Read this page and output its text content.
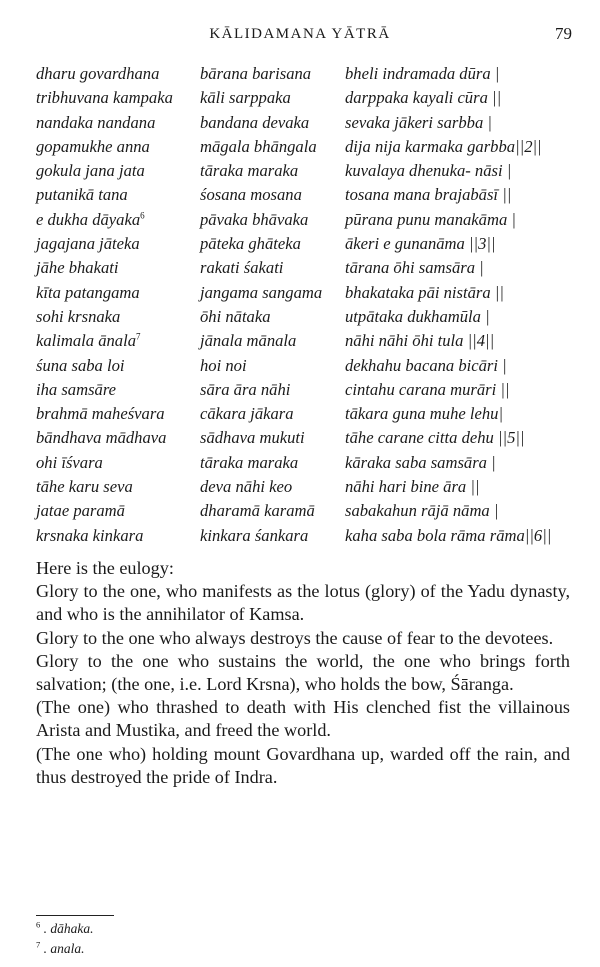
KĀLIDAMANA YĀTRĀ	79
dharu govardhana	bārana barisana	bheli indramada dūra |
tribhuvana kampaka	kāli sarppaka	darppaka kayali cūra ||
nandaka nandana	bandana devaka	sevaka jākeri sarbba |
gopamukhe anna	māgala bhāngala	dija nija karmaka garbba||2||
gokula jana jata	tāraka maraka	kuvalaya dhenuka- nāsi |
putanikā tana	śosana mosana	tosana mana brajabāsī ||
e dukha dāyaka$^6$	pāvaka bhāvaka	pūrana punu manakāma |
jagajana jāteka	pāteka ghāteka	ākeri e gunanāma ||3||
jāhe bhakati	rakati śakati	tārana ōhi samsāra |
kīta patangama	jangama sangama	bhakataka pāi nistāra ||
sohi krsnaka	ōhi nātaka	utpātaka dukhamūla |
kalimala ānala$^7$	jānala mānala	nāhi nāhi ōhi tula ||4||
śuna saba loi	hoi noi	dekhahu bacana bicāri |
iha samsāre	sāra āra nāhi	cintahu carana murāri ||
brahmā maheśvara	cākara jākara	tākara guna muhe lehu|
bāndhava mādhava	sādhava mukuti	tāhe carane citta dehu ||5||
ohi īśvara	tāraka maraka	kāraka saba samsāra |
tāhe karu seva	deva nāhi keo	nāhi hari bine āra ||
jatae paramā	dharamā karamā	sabakahun rājā nāma |
krsnaka kinkara	kinkara śankara	kaha saba bola rāma rāma||6||

Here is the eulogy:

Glory to the one, who manifests as the lotus (glory) of the Yadu dynasty, and who is the annihilator of Kamsa.

Glory to the one who always destroys the cause of fear to the devotees.

Glory to the one who sustains the world, the one who brings forth salvation; (the one, i.e. Lord Krsna), who holds the bow, Śāranga.

(The one) who thrashed to death with His clenched fist the villainous Arista and Mustika, and freed the world.

(The one who) holding mount Govardhana up, warded off the rain, and thus destroyed the pride of Indra.

$^6$ . dāhaka.
$^7$ . anala.
